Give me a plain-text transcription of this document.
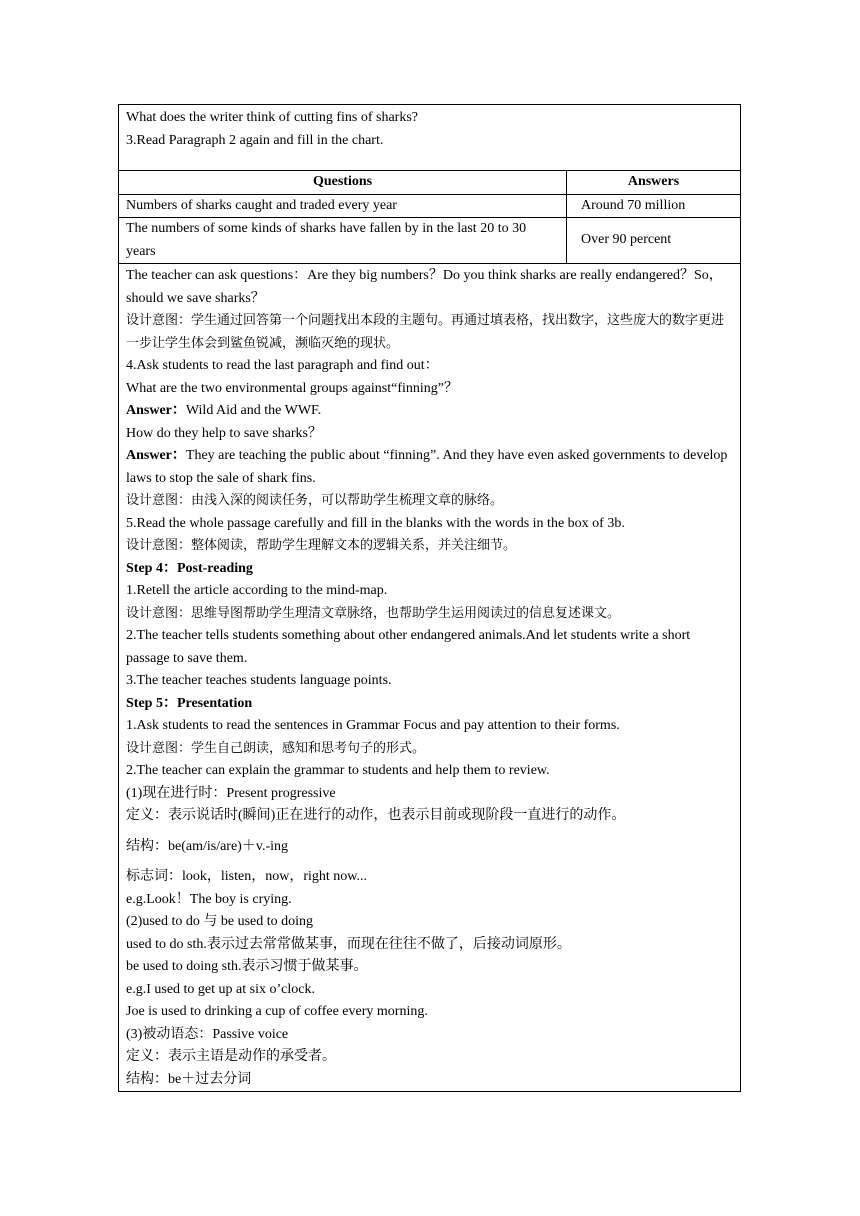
What does the writer think of cutting fins of sharks?
3.Read Paragraph 2 again and fill in the chart.
Questions	Answers
Numbers of sharks caught and traded every year	Around 70 million
The numbers of some kinds of sharks have fallen by in the last 20 to 30 years	Over 90 percent
The teacher can ask questions：Are they big numbers？Do you think sharks are really endangered？So，should we save sharks？
设计意图：学生通过回答第一个问题找出本段的主题句。再通过填表格，找出数字，这些庞大的数字更进一步让学生体会到鲨鱼锐减，濒临灭绝的现状。
4.Ask students to read the last paragraph and find out：
What are the two environmental groups against“finning”？
Answer：Wild Aid and the WWF.
How do they help to save sharks？
Answer：They are teaching the public about “finning”. And they have even asked governments to develop laws to stop the sale of shark fins.
设计意图：由浅入深的阅读任务，可以帮助学生梳理文章的脉络。
5.Read the whole passage carefully and fill in the blanks with the words in the box of 3b.
设计意图：整体阅读，帮助学生理解文本的逻辑关系，并关注细节。
Step 4：Post-reading
1.Retell the article according to the mind-map.
设计意图：思维导图帮助学生理清文章脉络，也帮助学生运用阅读过的信息复述课文。
2.The teacher tells students something about other endangered animals.And let students write a short passage to save them.
3.The teacher teaches students language points.
Step 5：Presentation
1.Ask students to read the sentences in Grammar Focus and pay attention to their forms.
设计意图：学生自己朗读，感知和思考句子的形式。
2.The teacher can explain the grammar to students and help them to review.
(1)现在进行时：Present progressive
定义：表示说话时(瞬间)正在进行的动作，也表示目前或现阶段一直进行的动作。
结构：be(am/is/are)＋v.-ing
标志词：look，listen，now，right now...
e.g.Look！The boy is crying.
(2)used to do 与 be used to doing
used to do sth.表示过去常常做某事，而现在往往不做了，后接动词原形。
be used to doing sth.表示习惯于做某事。
e.g.I used to get up at six o’clock.
Joe is used to drinking a cup of coffee every morning.
(3)被动语态：Passive voice
定义：表示主语是动作的承受者。
结构：be＋过去分词
